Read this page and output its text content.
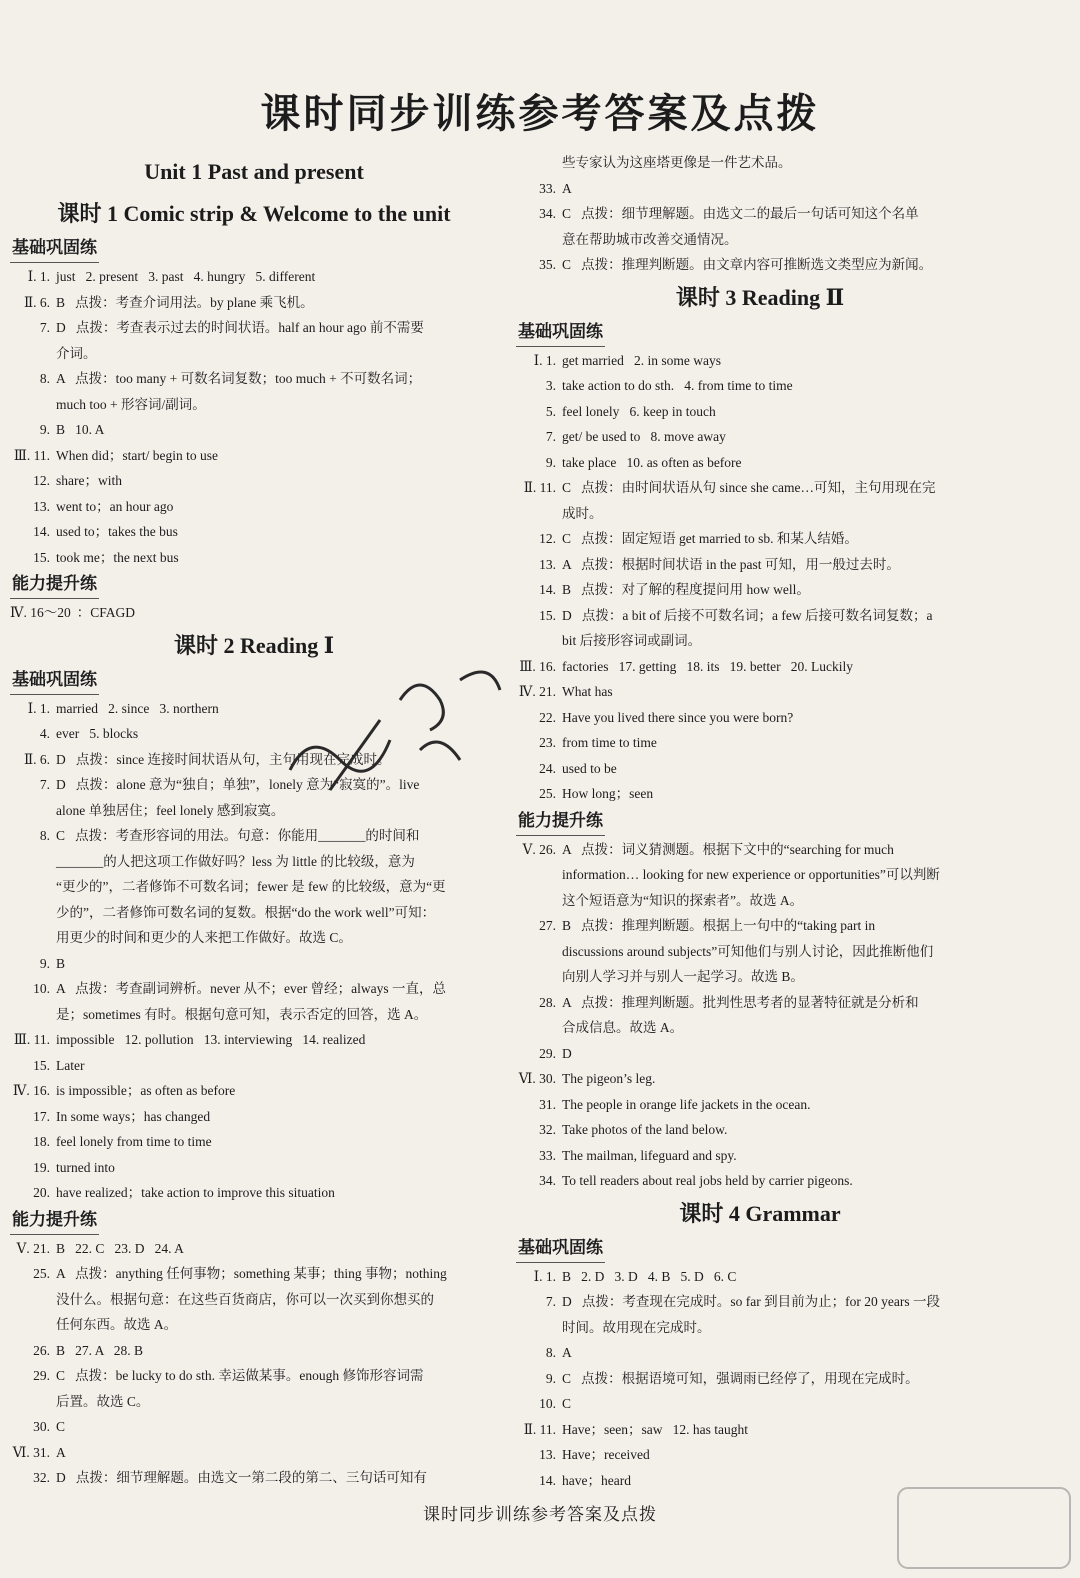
课时同步训练参考答案及点拨
Unit 1 Past and present
课时 1 Comic strip & Welcome to the unit
基础巩固练
Ⅰ. 1. just   2. present   3. past   4. hungry   5. different
Ⅱ. 6. B   点拨：考查介词用法。by plane 乘飞机。
7. D   点拨：考查表示过去的时间状语。half an hour ago 前不需要
介词。
8. A   点拨：too many + 可数名词复数；too much + 不可数名词；
much too + 形容词/副词。
9. B   10. A
Ⅲ. 11. When did；start/ begin to use
12. share；with
13. went to；an hour ago
14. used to；takes the bus
15. took me；the next bus
能力提升练
Ⅳ. 16～20 ：CFAGD
课时 2 Reading Ⅰ
基础巩固练
Ⅰ. 1. married   2. since   3. northern
4. ever   5. blocks
Ⅱ. 6. D   点拨：since 连接时间状语从句，主句用现在完成时。
7. D   点拨：alone 意为“独自；单独”，lonely 意为“寂寞的”。live
alone 单独居住；feel lonely 感到寂寞。
8. C   点拨：考查形容词的用法。句意：你能用_______的时间和
_______的人把这项工作做好吗？less 为 little 的比较级，意为
“更少的”，二者修饰不可数名词；fewer 是 few 的比较级，意为“更
少的”，二者修饰可数名词的复数。根据“do the work well”可知：
用更少的时间和更少的人来把工作做好。故选 C。
9. B
10. A   点拨：考查副词辨析。never 从不；ever 曾经；always 一直，总
是；sometimes 有时。根据句意可知，表示否定的回答，选 A。
Ⅲ. 11. impossible   12. pollution   13. interviewing   14. realized
15. Later
Ⅳ. 16. is impossible；as often as before
17. In some ways；has changed
18. feel lonely from time to time
19. turned into
20. have realized；take action to improve this situation
能力提升练
Ⅴ. 21. B   22. C   23. D   24. A
25. A   点拨：anything 任何事物；something 某事；thing 事物；nothing
没什么。根据句意：在这些百货商店，你可以一次买到你想买的
任何东西。故选 A。
26. B   27. A   28. B
29. C   点拨：be lucky to do sth. 幸运做某事。enough 修饰形容词需
后置。故选 C。
30. C
Ⅵ. 31. A
32. D   点拨：细节理解题。由选文一第二段的第二、三句话可知有
些专家认为这座塔更像是一件艺术品。
33. A
34. C   点拨：细节理解题。由选文二的最后一句话可知这个名单
意在帮助城市改善交通情况。
35. C   点拨：推理判断题。由文章内容可推断选文类型应为新闻。
课时 3 Reading Ⅱ
基础巩固练
Ⅰ. 1. get married   2. in some ways
3. take action to do sth.   4. from time to time
5. feel lonely   6. keep in touch
7. get/ be used to   8. move away
9. take place   10. as often as before
Ⅱ. 11. C   点拨：由时间状语从句 since she came…可知，主句用现在完
成时。
12. C   点拨：固定短语 get married to sb. 和某人结婚。
13. A   点拨：根据时间状语 in the past 可知，用一般过去时。
14. B   点拨：对了解的程度提问用 how well。
15. D   点拨：a bit of 后接不可数名词；a few 后接可数名词复数；a
bit 后接形容词或副词。
Ⅲ. 16. factories   17. getting   18. its   19. better   20. Luckily
Ⅳ. 21. What has
22. Have you lived there since you were born?
23. from time to time
24. used to be
25. How long；seen
能力提升练
Ⅴ. 26. A   点拨：词义猜测题。根据下文中的“searching for much
information… looking for new experience or opportunities”可以判断
这个短语意为“知识的探索者”。故选 A。
27. B   点拨：推理判断题。根据上一句中的“taking part in
discussions around subjects”可知他们与别人讨论，因此推断他们
向别人学习并与别人一起学习。故选 B。
28. A   点拨：推理判断题。批判性思考者的显著特征就是分析和
合成信息。故选 A。
29. D
Ⅵ. 30. The pigeon’s leg.
31. The people in orange life jackets in the ocean.
32. Take photos of the land below.
33. The mailman, lifeguard and spy.
34. To tell readers about real jobs held by carrier pigeons.
课时 4 Grammar
基础巩固练
Ⅰ. 1. B   2. D   3. D   4. B   5. D   6. C
7. D   点拨：考查现在完成时。so far 到目前为止；for 20 years 一段
时间。故用现在完成时。
8. A
9. C   点拨：根据语境可知，强调雨已经停了，用现在完成时。
10. C
Ⅱ. 11. Have；seen；saw   12. has taught
13. Have；received
14. have；heard
课时同步训练参考答案及点拨
